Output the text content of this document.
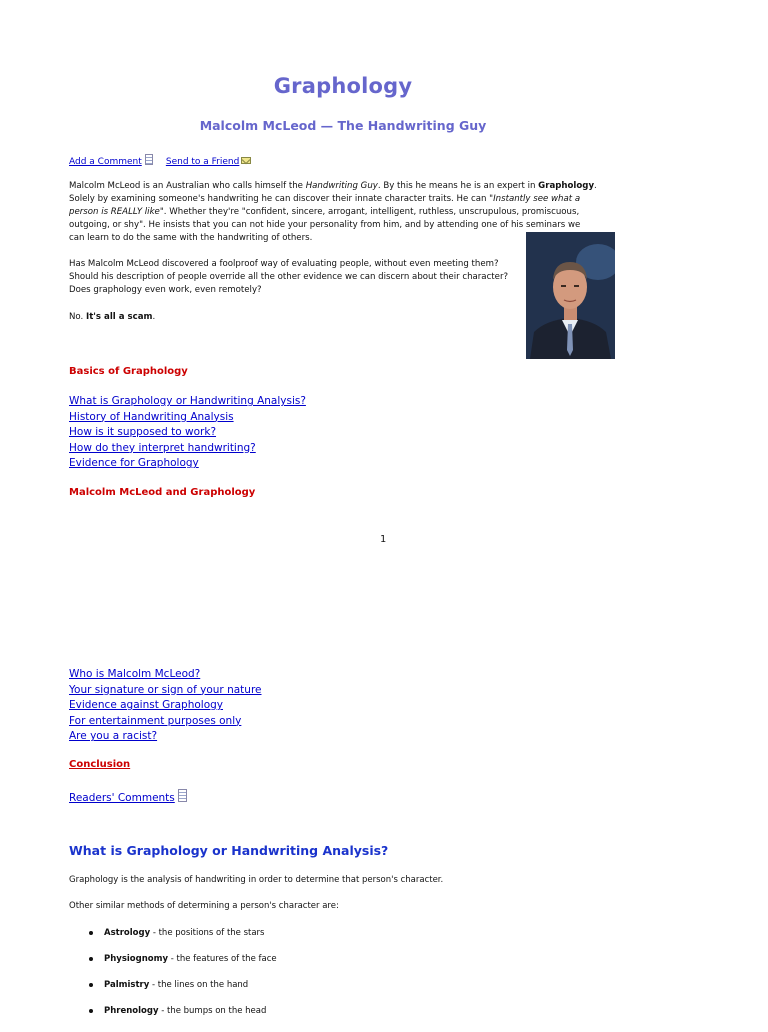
Graphology
Malcolm McLeod — The Handwriting Guy
Add a Comment	Send to a Friend
Malcolm McLeod is an Australian who calls himself the Handwriting Guy. By this he means he is an expert in Graphology. Solely by examining someone's handwriting he can discover their innate character traits. He can "Instantly see what a person is REALLY like". Whether they're "confident, sincere, arrogant, intelligent, ruthless, unscrupulous, promiscuous, outgoing, or shy". He insists that you can not hide your personality from him, and by attending one of his seminars we can learn to do the same with the handwriting of others.
Has Malcolm McLeod discovered a foolproof way of evaluating people, without even meeting them? Should his description of people override all the other evidence we can discern about their character? Does graphology even work, even remotely?
No. It's all a scam.
Basics of Graphology
What is Graphology or Handwriting Analysis?
History of Handwriting Analysis
How is it supposed to work?
How do they interpret handwriting?
Evidence for Graphology
Malcolm McLeod and Graphology
1
Who is Malcolm McLeod?
Your signature or sign of your nature
Evidence against Graphology
For entertainment purposes only
Are you a racist?
Conclusion
Readers' Comments
What is Graphology or Handwriting Analysis?
Graphology is the analysis of handwriting in order to determine that person's character.
Other similar methods of determining a person's character are:
Astrology - the positions of the stars
Physiognomy - the features of the face
Palmistry - the lines on the hand
Phrenology - the bumps on the head
